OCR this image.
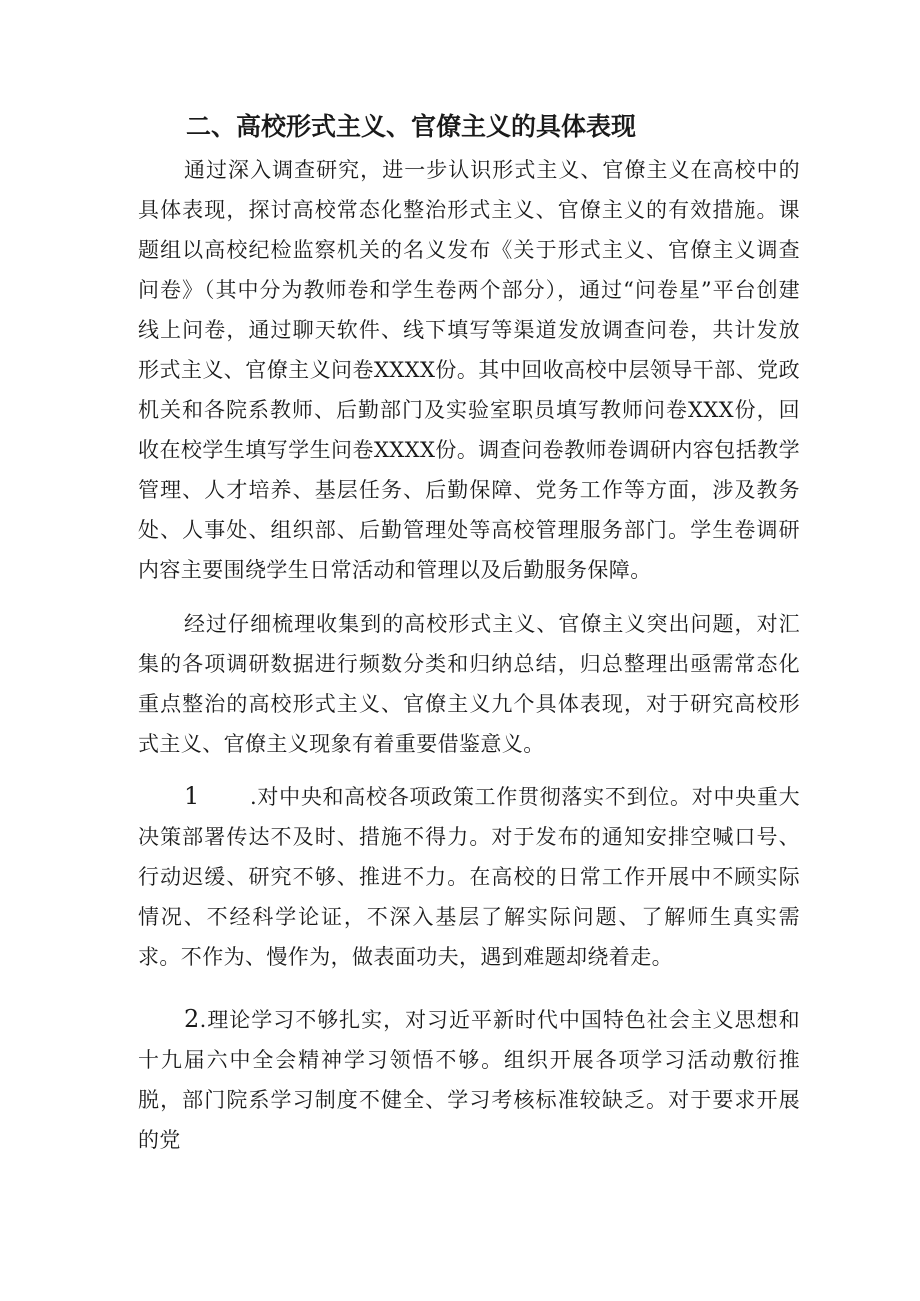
二、高校形式主义、官僚主义的具体表现

通过深入调查研究，进一步认识形式主义、官僚主义在高校中的具体表现，探讨高校常态化整治形式主义、官僚主义的有效措施。课题组以高校纪检监察机关的名义发布《关于形式主义、官僚主义调查问卷》（其中分为教师卷和学生卷两个部分），通过“问卷星”平台创建线上问卷，通过聊天软件、线下填写等渠道发放调查问卷，共计发放形式主义、官僚主义问卷XXXX份。其中回收高校中层领导干部、党政机关和各院系教师、后勤部门及实验室职员填写教师问卷XXX份，回收在校学生填写学生问卷XXXX份。调查问卷教师卷调研内容包括教学管理、人才培养、基层任务、后勤保障、党务工作等方面，涉及教务处、人事处、组织部、后勤管理处等高校管理服务部门。学生卷调研内容主要围绕学生日常活动和管理以及后勤服务保障。

经过仔细梳理收集到的高校形式主义、官僚主义突出问题，对汇集的各项调研数据进行频数分类和归纳总结，归总整理出亟需常态化重点整治的高校形式主义、官僚主义九个具体表现，对于研究高校形式主义、官僚主义现象有着重要借鉴意义。

1 .对中央和高校各项政策工作贯彻落实不到位。对中央重大决策部署传达不及时、措施不得力。对于发布的通知安排空喊口号、行动迟缓、研究不够、推进不力。在高校的日常工作开展中不顾实际情况、不经科学论证，不深入基层了解实际问题、了解师生真实需求。不作为、慢作为，做表面功夫，遇到难题却绕着走。

2.理论学习不够扎实，对习近平新时代中国特色社会主义思想和十九届六中全会精神学习领悟不够。组织开展各项学习活动敷衍推脱，部门院系学习制度不健全、学习考核标准较缺乏。对于要求开展的党
